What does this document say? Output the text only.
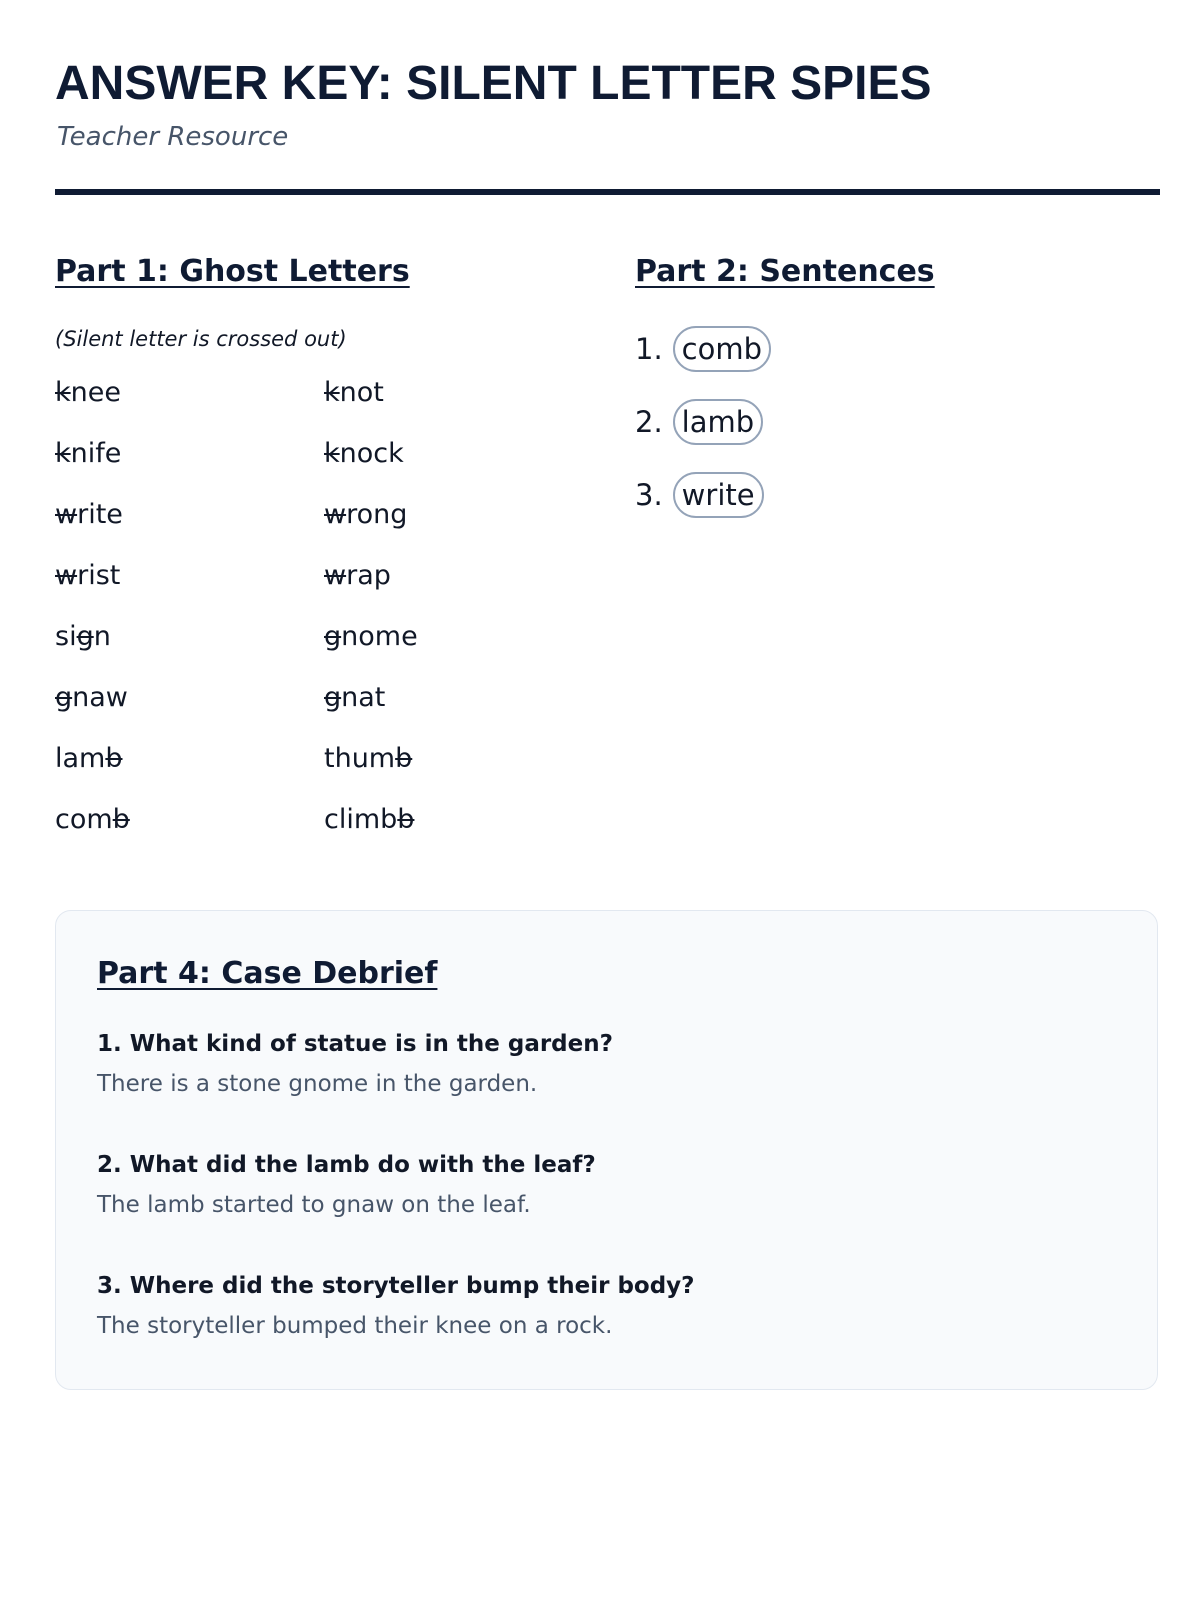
ANSWER KEY: SILENT LETTER SPIES
Teacher Resource
Part 1: Ghost Letters
(Silent letter is crossed out)
knee	knot
knife	knock
write	wrong
wrist	wrap
sign	gnome
gnaw	gnat
lamb	thumb
comb	climbb
Part 2: Sentences
1. comb
2. lamb
3. write
Part 4: Case Debrief
1. What kind of statue is in the garden?
There is a stone gnome in the garden.
2. What did the lamb do with the leaf?
The lamb started to gnaw on the leaf.
3. Where did the storyteller bump their body?
The storyteller bumped their knee on a rock.
